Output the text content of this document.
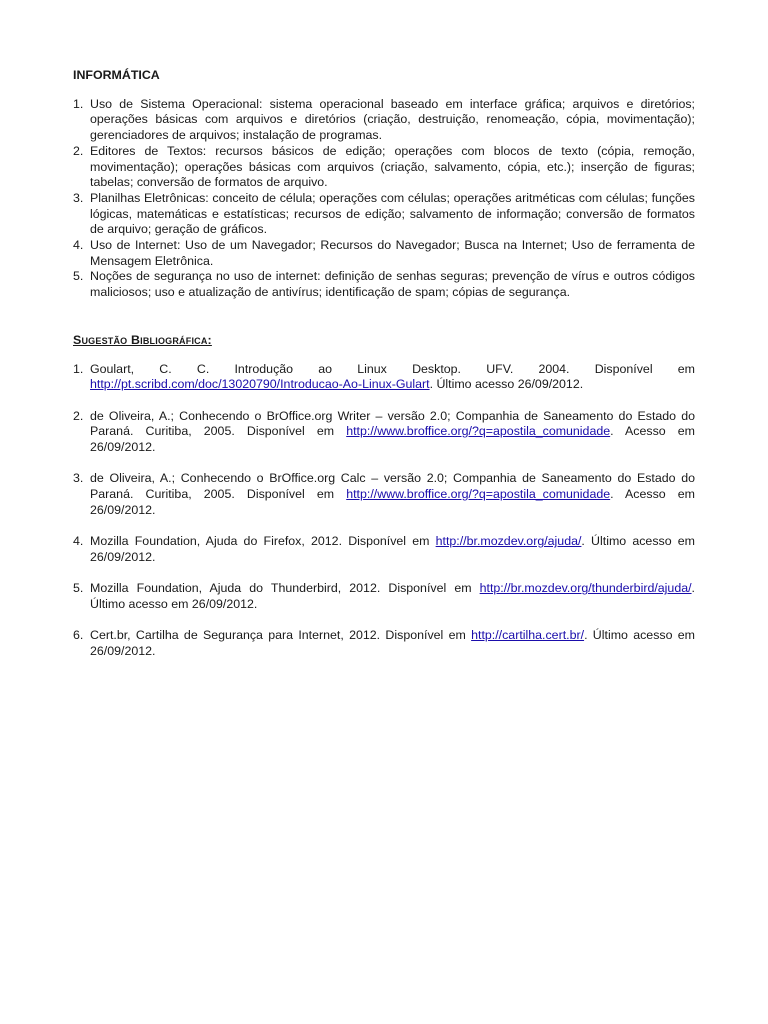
INFORMÁTICA
1. Uso de Sistema Operacional: sistema operacional baseado em interface gráfica; arquivos e diretórios; operações básicas com arquivos e diretórios (criação, destruição, renomeação, cópia, movimentação); gerenciadores de arquivos; instalação de programas.
2. Editores de Textos: recursos básicos de edição; operações com blocos de texto (cópia, remoção, movimentação); operações básicas com arquivos (criação, salvamento, cópia, etc.); inserção de figuras; tabelas; conversão de formatos de arquivo.
3. Planilhas Eletrônicas: conceito de célula; operações com células; operações aritméticas com células; funções lógicas, matemáticas e estatísticas; recursos de edição; salvamento de informação; conversão de formatos de arquivo; geração de gráficos.
4. Uso de Internet: Uso de um Navegador; Recursos do Navegador; Busca na Internet; Uso de ferramenta de Mensagem Eletrônica.
5. Noções de segurança no uso de internet: definição de senhas seguras; prevenção de vírus e outros códigos maliciosos; uso e atualização de antivírus; identificação de spam; cópias de segurança.
Sugestão Bibliográfica:
1. Goulart, C. C. Introdução ao Linux Desktop. UFV. 2004. Disponível em http://pt.scribd.com/doc/13020790/Introducao-Ao-Linux-Gulart. Último acesso 26/09/2012.
2. de Oliveira, A.; Conhecendo o BrOffice.org Writer – versão 2.0; Companhia de Saneamento do Estado do Paraná. Curitiba, 2005. Disponível em http://www.broffice.org/?q=apostila_comunidade. Acesso em 26/09/2012.
3. de Oliveira, A.; Conhecendo o BrOffice.org Calc – versão 2.0; Companhia de Saneamento do Estado do Paraná. Curitiba, 2005. Disponível em http://www.broffice.org/?q=apostila_comunidade. Acesso em 26/09/2012.
4. Mozilla Foundation, Ajuda do Firefox, 2012. Disponível em http://br.mozdev.org/ajuda/. Último acesso em 26/09/2012.
5. Mozilla Foundation, Ajuda do Thunderbird, 2012. Disponível em http://br.mozdev.org/thunderbird/ajuda/. Último acesso em 26/09/2012.
6. Cert.br, Cartilha de Segurança para Internet, 2012. Disponível em http://cartilha.cert.br/. Último acesso em 26/09/2012.
